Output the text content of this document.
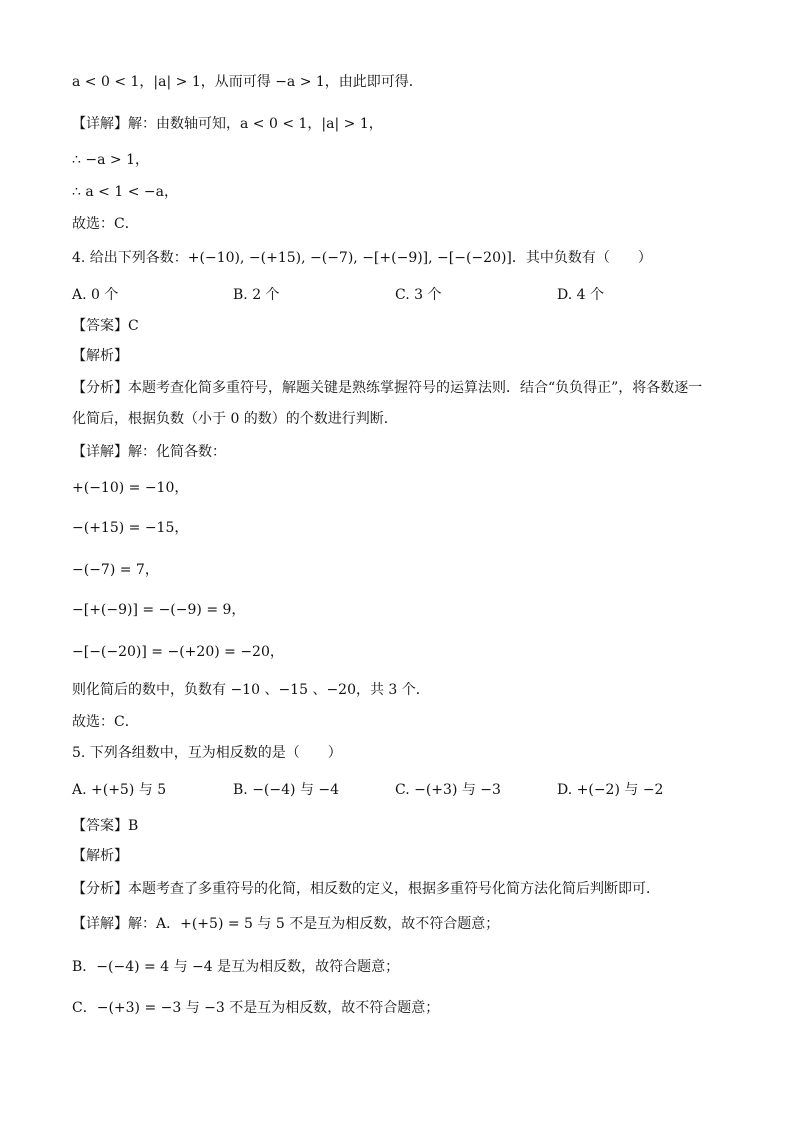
a < 0 < 1，|a| > 1，从而可得 −a > 1，由此即可得．
【详解】解：由数轴可知，a < 0 < 1，|a| > 1，
∴ −a > 1，
∴ a < 1 < −a，
故选：C．
4. 给出下列各数：+(−10), −(+15), −(−7), −[+(−9)], −[−(−20)]．其中负数有（　　）
A. 0 个	B. 2 个	C. 3 个	D. 4 个
【答案】C
【解析】
【分析】本题考查化简多重符号，解题关键是熟练掌握符号的运算法则．结合“负负得正”，将各数逐一化简后，根据负数（小于 0 的数）的个数进行判断．
【详解】解：化简各数：
+(−10) = −10，
−(+15) = −15，
−(−7) = 7，
−[+(−9)] = −(−9) = 9，
−[−(−20)] = −(+20) = −20，
则化简后的数中，负数有 −10 、−15 、−20，共 3 个．
故选：C．
5. 下列各组数中，互为相反数的是（　　）
A. +(+5) 与 5	B. −(−4) 与 −4	C. −(+3) 与 −3	D. +(−2) 与 −2
【答案】B
【解析】
【分析】本题考查了多重符号的化简，相反数的定义，根据多重符号化简方法化简后判断即可．
【详解】解：A．+(+5) = 5 与 5 不是互为相反数，故不符合题意；
B．−(−4) = 4 与 −4 是互为相反数，故符合题意；
C．−(+3) = −3 与 −3 不是互为相反数，故不符合题意；
